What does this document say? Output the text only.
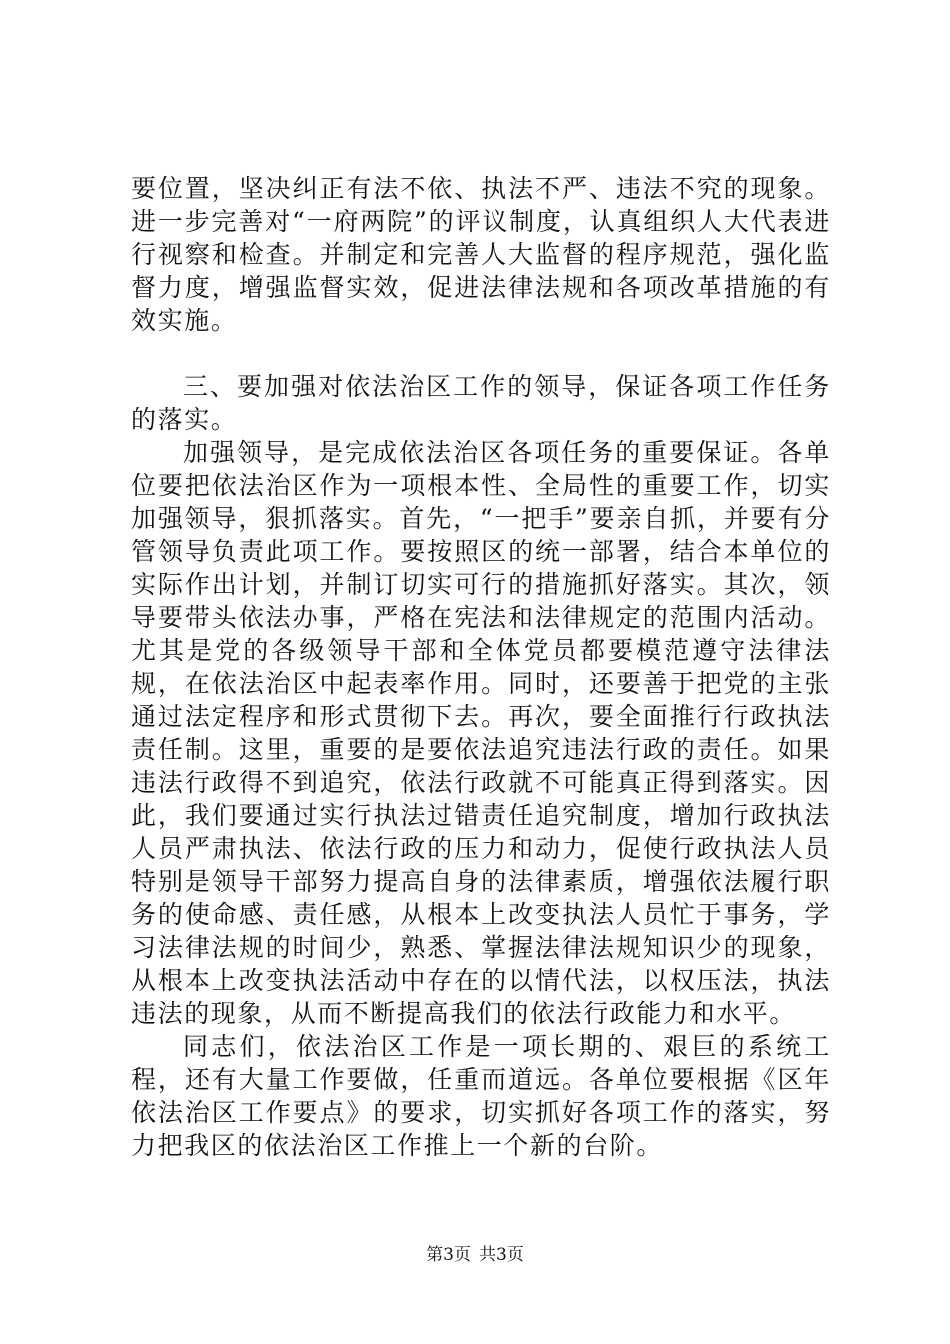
要位置，坚决纠正有法不依、执法不严、违法不究的现象。进一步完善对“一府两院”的评议制度，认真组织人大代表进行视察和检查。并制定和完善人大监督的程序规范，强化监督力度，增强监督实效，促进法律法规和各项改革措施的有效实施。

三、要加强对依法治区工作的领导，保证各项工作任务的落实。

加强领导，是完成依法治区各项任务的重要保证。各单位要把依法治区作为一项根本性、全局性的重要工作，切实加强领导，狠抓落实。首先，“一把手”要亲自抓，并要有分管领导负责此项工作。要按照区的统一部署，结合本单位的实际作出计划，并制订切实可行的措施抓好落实。其次，领导要带头依法办事，严格在宪法和法律规定的范围内活动。尤其是党的各级领导干部和全体党员都要模范遵守法律法规，在依法治区中起表率作用。同时，还要善于把党的主张通过法定程序和形式贯彻下去。再次，要全面推行行政执法责任制。这里，重要的是要依法追究违法行政的责任。如果违法行政得不到追究，依法行政就不可能真正得到落实。因此，我们要通过实行执法过错责任追究制度，增加行政执法人员严肃执法、依法行政的压力和动力，促使行政执法人员特别是领导干部努力提高自身的法律素质，增强依法履行职务的使命感、责任感，从根本上改变执法人员忙于事务，学习法律法规的时间少，熟悉、掌握法律法规知识少的现象，从根本上改变执法活动中存在的以情代法，以权压法，执法违法的现象，从而不断提高我们的依法行政能力和水平。

同志们，依法治区工作是一项长期的、艰巨的系统工程，还有大量工作要做，任重而道远。各单位要根据《区年依法治区工作要点》的要求，切实抓好各项工作的落实，努力把我区的依法治区工作推上一个新的台阶。

第3页 共3页
